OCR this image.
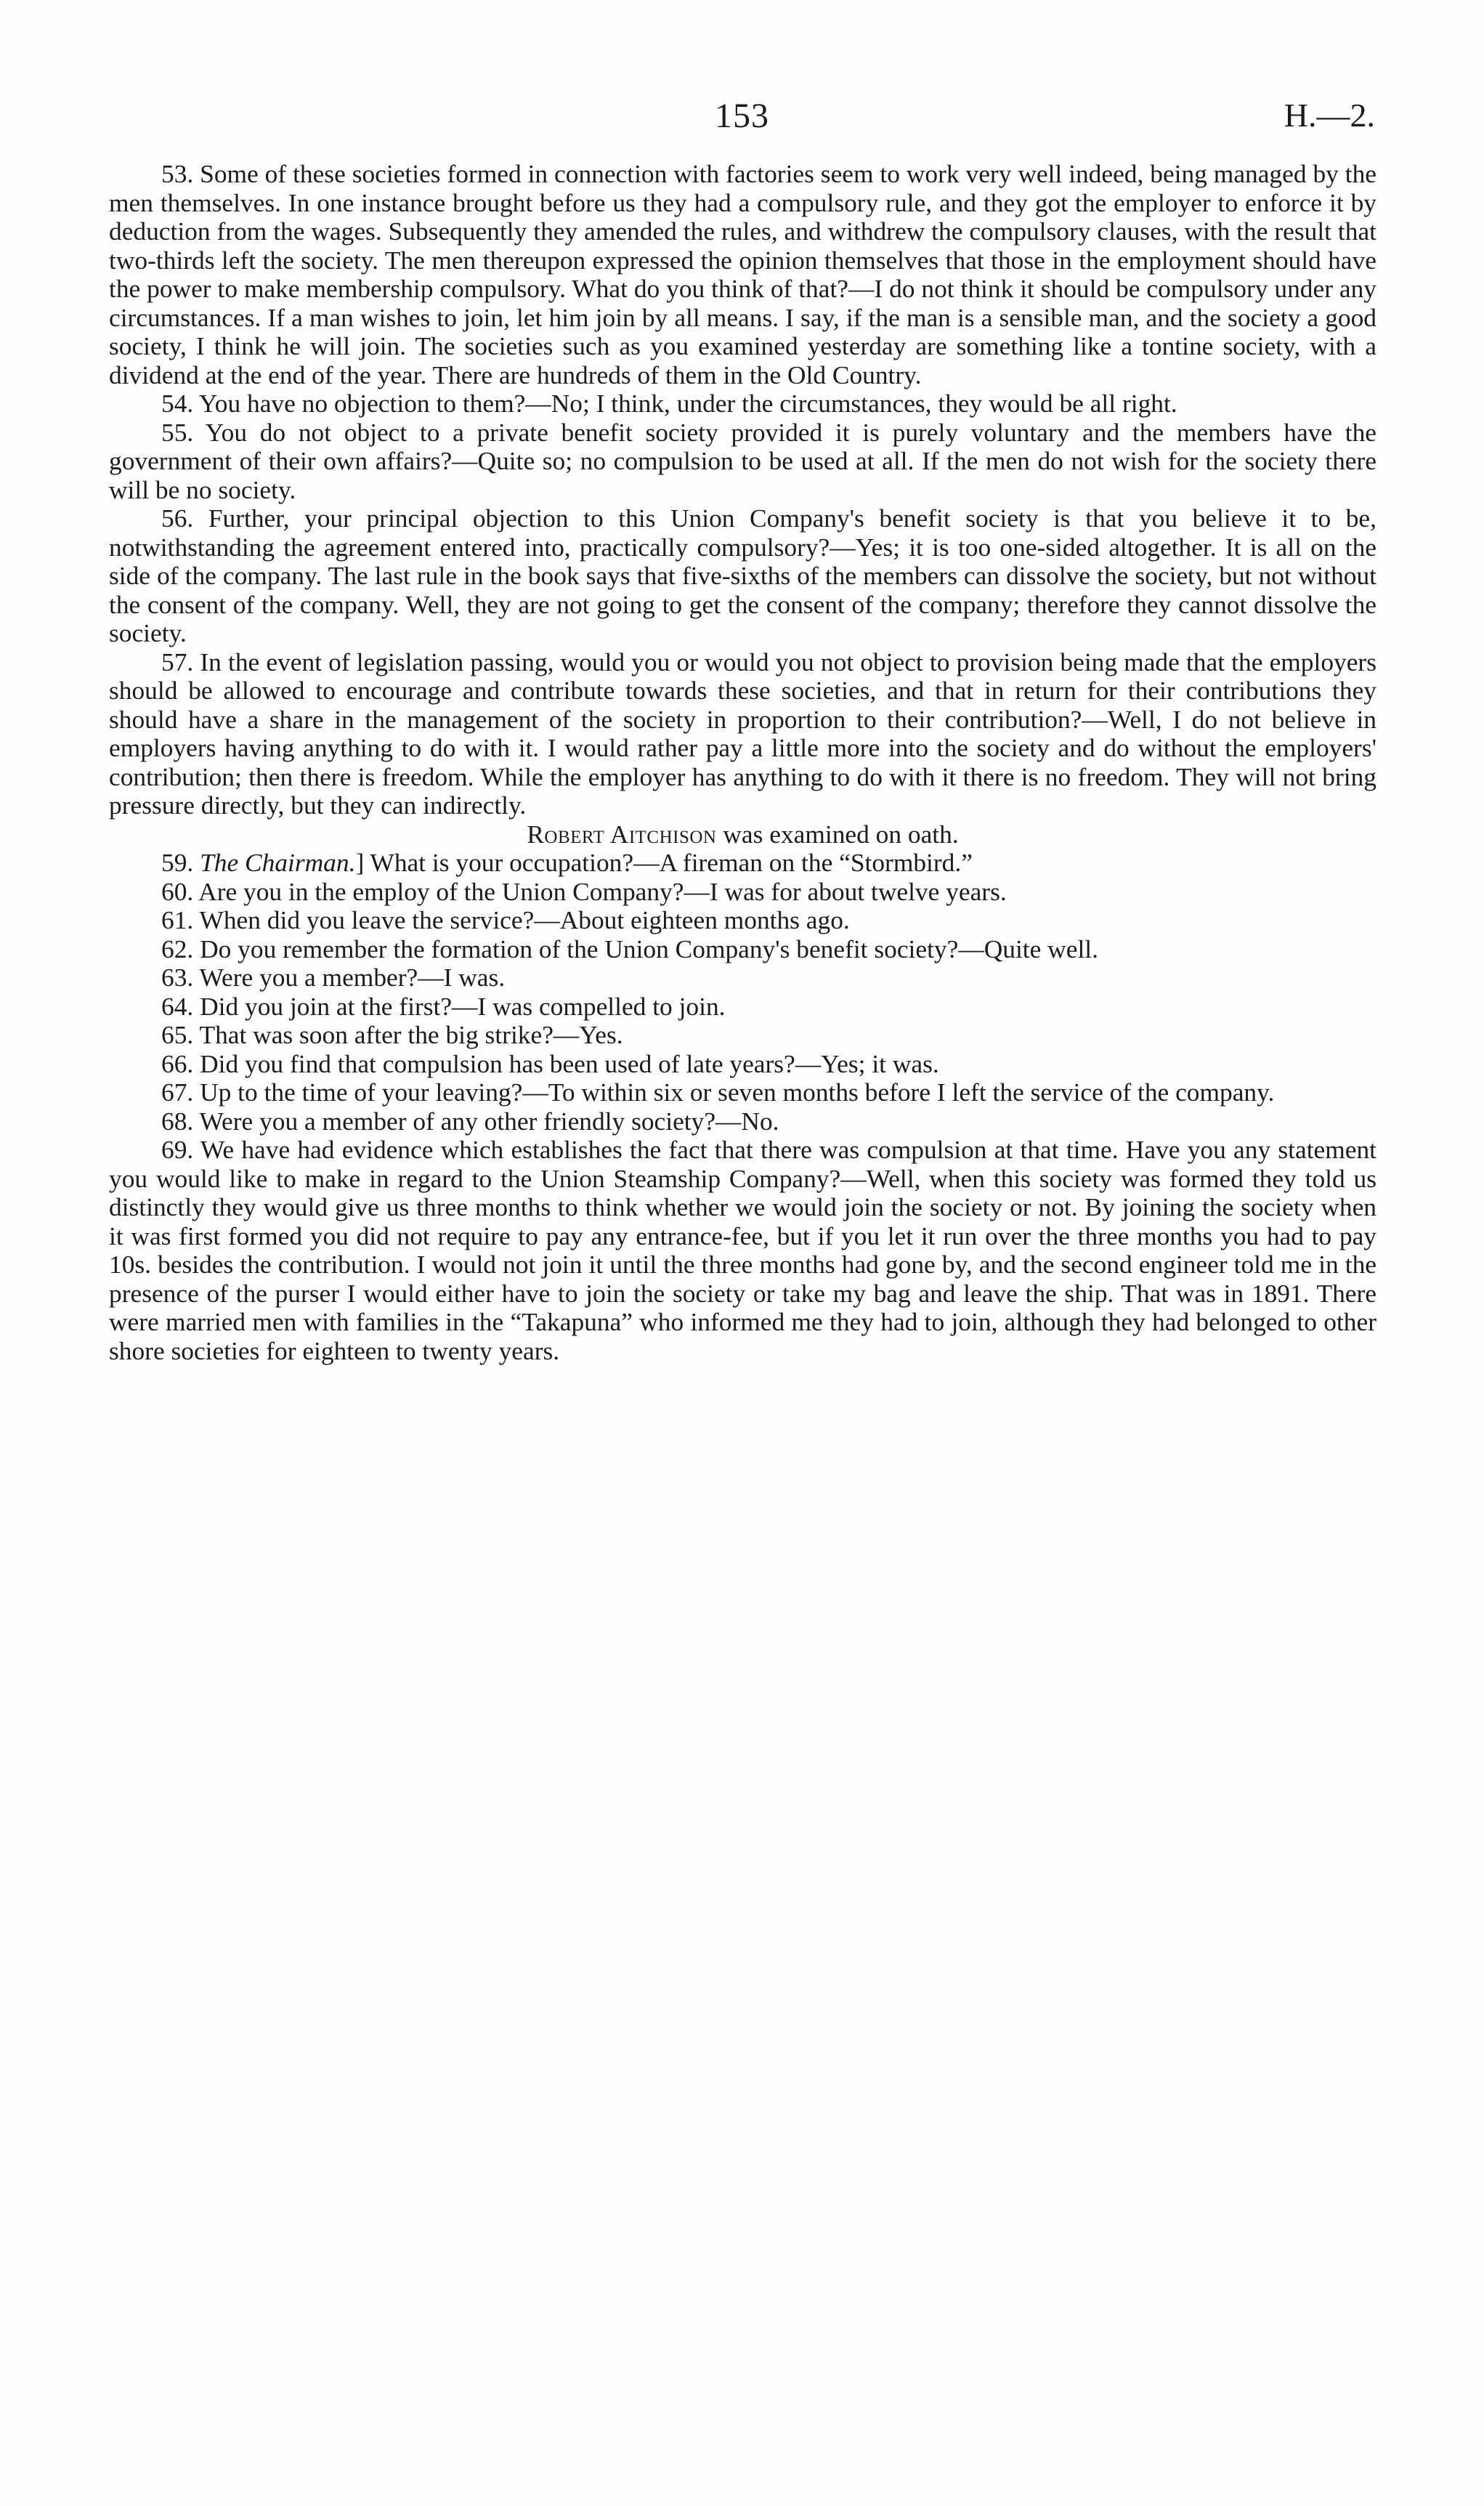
153	H.—2.

53. Some of these societies formed in connection with factories seem to work very well indeed, being managed by the men themselves. In one instance brought before us they had a compulsory rule, and they got the employer to enforce it by deduction from the wages. Subsequently they amended the rules, and withdrew the compulsory clauses, with the result that two-thirds left the society. The men thereupon expressed the opinion themselves that those in the employment should have the power to make membership compulsory. What do you think of that?—I do not think it should be compulsory under any circumstances. If a man wishes to join, let him join by all means. I say, if the man is a sensible man, and the society a good society, I think he will join. The societies such as you examined yesterday are something like a tontine society, with a dividend at the end of the year. There are hundreds of them in the Old Country.

54. You have no objection to them?—No; I think, under the circumstances, they would be all right.

55. You do not object to a private benefit society provided it is purely voluntary and the members have the government of their own affairs?—Quite so; no compulsion to be used at all. If the men do not wish for the society there will be no society.

56. Further, your principal objection to this Union Company's benefit society is that you believe it to be, notwithstanding the agreement entered into, practically compulsory?—Yes; it is too one-sided altogether. It is all on the side of the company. The last rule in the book says that five-sixths of the members can dissolve the society, but not without the consent of the company. Well, they are not going to get the consent of the company; therefore they cannot dissolve the society.

57. In the event of legislation passing, would you or would you not object to provision being made that the employers should be allowed to encourage and contribute towards these societies, and that in return for their contributions they should have a share in the management of the society in proportion to their contribution?—Well, I do not believe in employers having anything to do with it. I would rather pay a little more into the society and do without the employers' contribution; then there is freedom. While the employer has anything to do with it there is no freedom. They will not bring pressure directly, but they can indirectly.

Robert Aitchison was examined on oath.

59. The Chairman.] What is your occupation?—A fireman on the “Stormbird.”

60. Are you in the employ of the Union Company?—I was for about twelve years.

61. When did you leave the service?—About eighteen months ago.

62. Do you remember the formation of the Union Company's benefit society?—Quite well.

63. Were you a member?—I was.

64. Did you join at the first?—I was compelled to join.

65. That was soon after the big strike?—Yes.

66. Did you find that compulsion has been used of late years?—Yes; it was.

67. Up to the time of your leaving?—To within six or seven months before I left the service of the company.

68. Were you a member of any other friendly society?—No.

69. We have had evidence which establishes the fact that there was compulsion at that time. Have you any statement you would like to make in regard to the Union Steamship Company?—Well, when this society was formed they told us distinctly they would give us three months to think whether we would join the society or not. By joining the society when it was first formed you did not require to pay any entrance-fee, but if you let it run over the three months you had to pay 10s. besides the contribution. I would not join it until the three months had gone by, and the second engineer told me in the presence of the purser I would either have to join the society or take my bag and leave the ship. That was in 1891. There were married men with families in the “Takapuna” who informed me they had to join, although they had belonged to other shore societies for eighteen to twenty years.
